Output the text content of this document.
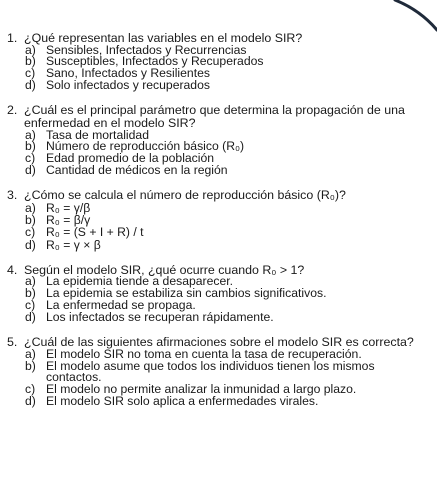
1. ¿Qué representan las variables en el modelo SIR?

a) Sensibles, Infectados y Recurrencias
b) Susceptibles, Infectados y Recuperados
c) Sano, Infectados y Resilientes
d) Solo infectados y recuperados
2. ¿Cuál es el principal parámetro que determina la propagación de una enfermedad en el modelo SIR?

a) Tasa de mortalidad
b) Número de reproducción básico (R₀)
c) Edad promedio de la población
d) Cantidad de médicos en la región
3. ¿Cómo se calcula el número de reproducción básico (R₀)?

a) R₀ = γ/β
b) R₀ = β/γ
c) R₀ = (S + I + R) / t
d) R₀ = γ × β
4. Según el modelo SIR, ¿qué ocurre cuando R₀ > 1?

a) La epidemia tiende a desaparecer.
b) La epidemia se estabiliza sin cambios significativos.
c) La enfermedad se propaga.
d) Los infectados se recuperan rápidamente.
5. ¿Cuál de las siguientes afirmaciones sobre el modelo SIR es correcta?

a) El modelo SIR no toma en cuenta la tasa de recuperación.
b) El modelo asume que todos los individuos tienen los mismos contactos.
c) El modelo no permite analizar la inmunidad a largo plazo.
d) El modelo SIR solo aplica a enfermedades virales.
